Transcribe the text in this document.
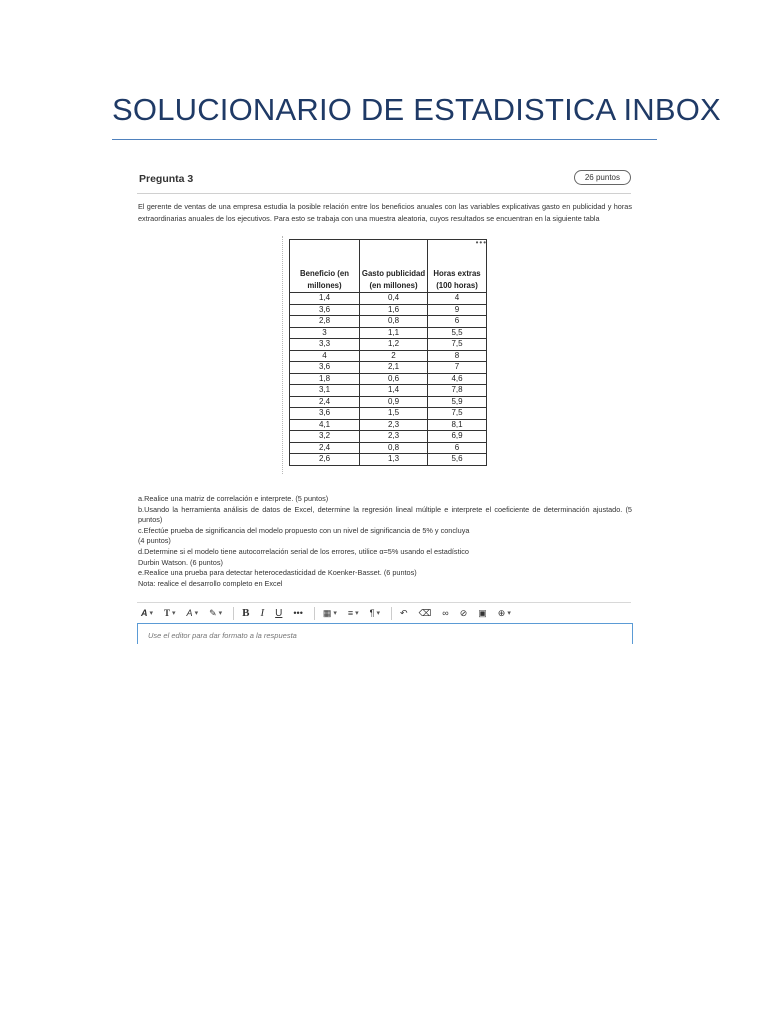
SOLUCIONARIO DE ESTADISTICA INBOX
Pregunta 3	26 puntos
El gerente de ventas de una empresa estudia la posible relación entre los beneficios anuales con las variables explicativas gasto en publicidad y horas extraordinarias anuales de los ejecutivos. Para esto se trabaja con una muestra aleatoria, cuyos resultados se encuentran en la siguiente tabla
•••
Beneficio (en millones)	Gasto publicidad (en millones)	Horas extras (100 horas)
1,4	0,4	4
3,6	1,6	9
2,8	0,8	6
3	1,1	5,5
3,3	1,2	7,5
4	2	8
3,6	2,1	7
1,8	0,6	4,6
3,1	1,4	7,8
2,4	0,9	5,9
3,6	1,5	7,5
4,1	2,3	8,1
3,2	2,3	6,9
2,4	0,8	6
2,6	1,3	5,6

a.Realice una matriz de correlación e interprete. (5 puntos)

b.Usando la herramienta análisis de datos de Excel, determine la regresión lineal múltiple e interprete el coeficiente de determinación ajustado. (5 puntos)

c.Efectúe prueba de significancia del modelo propuesto con un nivel de significancia de 5% y concluya

(4 puntos)

d.Determine si el modelo tiene autocorrelación serial de los errores, utilice α=5% usando el estadístico

Durbin Watson. (6 puntos)

e.Realice una prueba para detectar heterocedasticidad de Koenker-Basset. (6 puntos)

Nota: realice el desarrollo completo en Excel

A ▾ T ▾ A ▾ ✎ ▾	B	I	U	•••	▦ ▾ ≡ ▾ ¶ ▾ ↶ ⌫ ∞ ⊘ ▣ ⊕ ▾
Use el editor para dar formato a la respuesta
